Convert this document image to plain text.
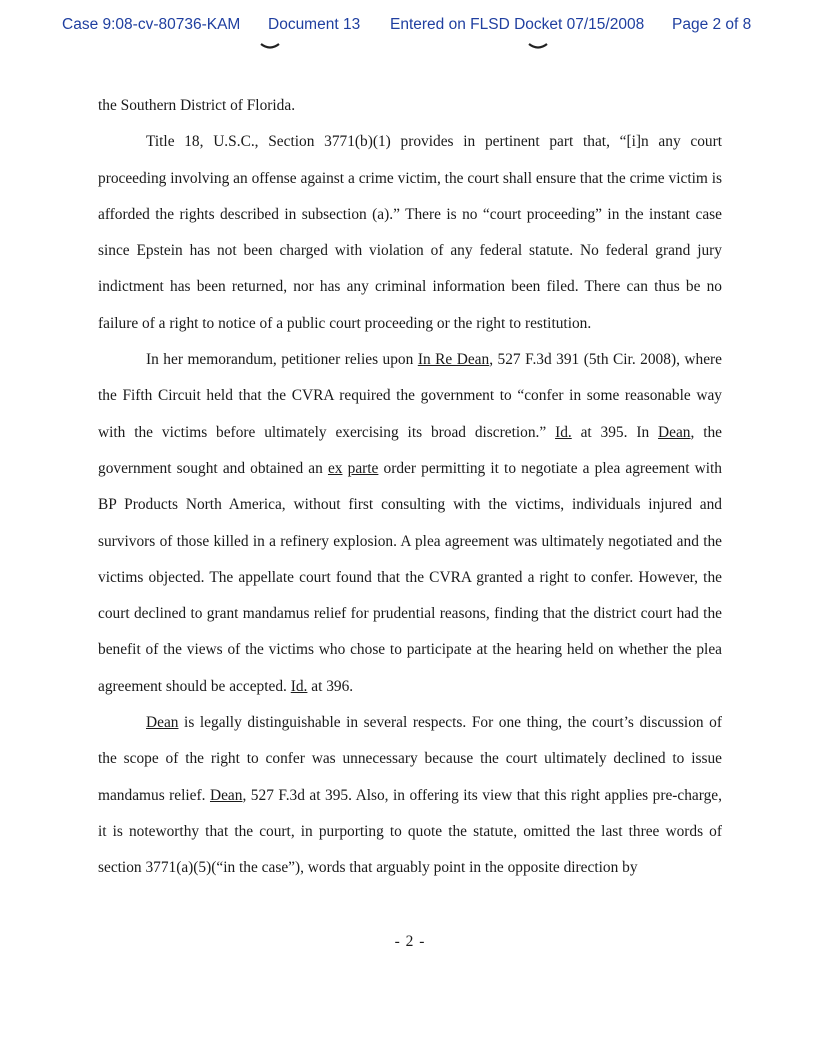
Case 9:08-cv-80736-KAM Document 13 Entered on FLSD Docket 07/15/2008 Page 2 of 8

the Southern District of Florida.

Title 18, U.S.C., Section 3771(b)(1) provides in pertinent part that, “[i]n any court proceeding involving an offense against a crime victim, the court shall ensure that the crime victim is afforded the rights described in subsection (a).” There is no “court proceeding” in the instant case since Epstein has not been charged with violation of any federal statute. No federal grand jury indictment has been returned, nor has any criminal information been filed. There can thus be no failure of a right to notice of a public court proceeding or the right to restitution.

In her memorandum, petitioner relies upon In Re Dean, 527 F.3d 391 (5th Cir. 2008), where the Fifth Circuit held that the CVRA required the government to “confer in some reasonable way with the victims before ultimately exercising its broad discretion.” Id. at 395. In Dean, the government sought and obtained an ex parte order permitting it to negotiate a plea agreement with BP Products North America, without first consulting with the victims, individuals injured and survivors of those killed in a refinery explosion. A plea agreement was ultimately negotiated and the victims objected. The appellate court found that the CVRA granted a right to confer. However, the court declined to grant mandamus relief for prudential reasons, finding that the district court had the benefit of the views of the victims who chose to participate at the hearing held on whether the plea agreement should be accepted. Id. at 396.

Dean is legally distinguishable in several respects. For one thing, the court’s discussion of the scope of the right to confer was unnecessary because the court ultimately declined to issue mandamus relief. Dean, 527 F.3d at 395. Also, in offering its view that this right applies pre-charge, it is noteworthy that the court, in purporting to quote the statute, omitted the last three words of section 3771(a)(5)(“in the case”), words that arguably point in the opposite direction by

- 2 -
